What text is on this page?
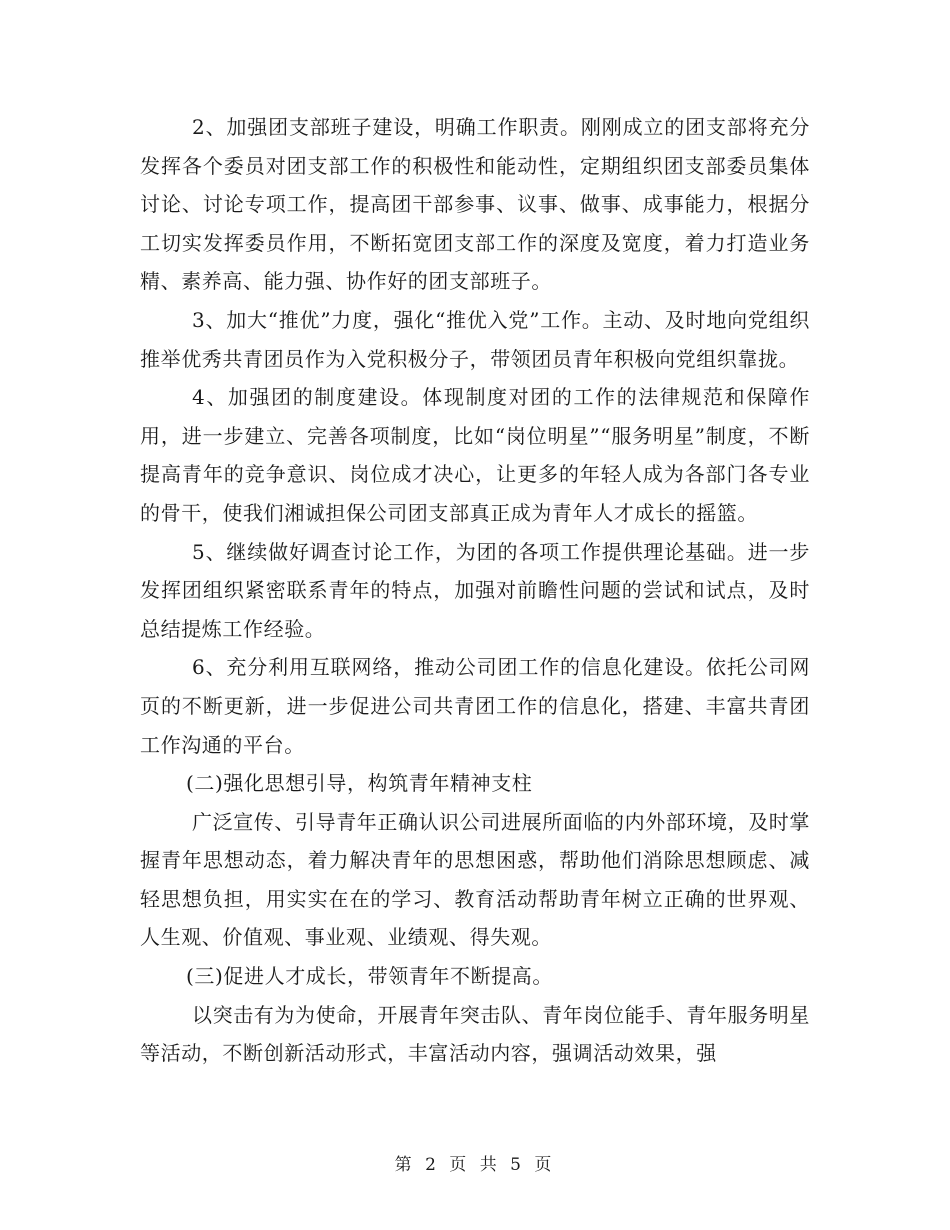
2、加强团支部班子建设，明确工作职责。刚刚成立的团支部将充分发挥各个委员对团支部工作的积极性和能动性，定期组织团支部委员集体讨论、讨论专项工作，提高团干部参事、议事、做事、成事能力，根据分工切实发挥委员作用，不断拓宽团支部工作的深度及宽度，着力打造业务精、素养高、能力强、协作好的团支部班子。

3、加大“推优”力度，强化“推优入党”工作。主动、及时地向党组织推举优秀共青团员作为入党积极分子，带领团员青年积极向党组织靠拢。

4、加强团的制度建设。体现制度对团的工作的法律规范和保障作用，进一步建立、完善各项制度，比如“岗位明星”“服务明星”制度，不断提高青年的竞争意识、岗位成才决心，让更多的年轻人成为各部门各专业的骨干，使我们湘诚担保公司团支部真正成为青年人才成长的摇篮。

5、继续做好调查讨论工作，为团的各项工作提供理论基础。进一步发挥团组织紧密联系青年的特点，加强对前瞻性问题的尝试和试点，及时总结提炼工作经验。

6、充分利用互联网络，推动公司团工作的信息化建设。依托公司网页的不断更新，进一步促进公司共青团工作的信息化，搭建、丰富共青团工作沟通的平台。

(二)强化思想引导，构筑青年精神支柱

广泛宣传、引导青年正确认识公司进展所面临的内外部环境，及时掌握青年思想动态，着力解决青年的思想困惑，帮助他们消除思想顾虑、减轻思想负担，用实实在在的学习、教育活动帮助青年树立正确的世界观、人生观、价值观、事业观、业绩观、得失观。

(三)促进人才成长，带领青年不断提高。

以突击有为为使命，开展青年突击队、青年岗位能手、青年服务明星等活动，不断创新活动形式，丰富活动内容，强调活动效果，强

第 2 页 共 5 页
